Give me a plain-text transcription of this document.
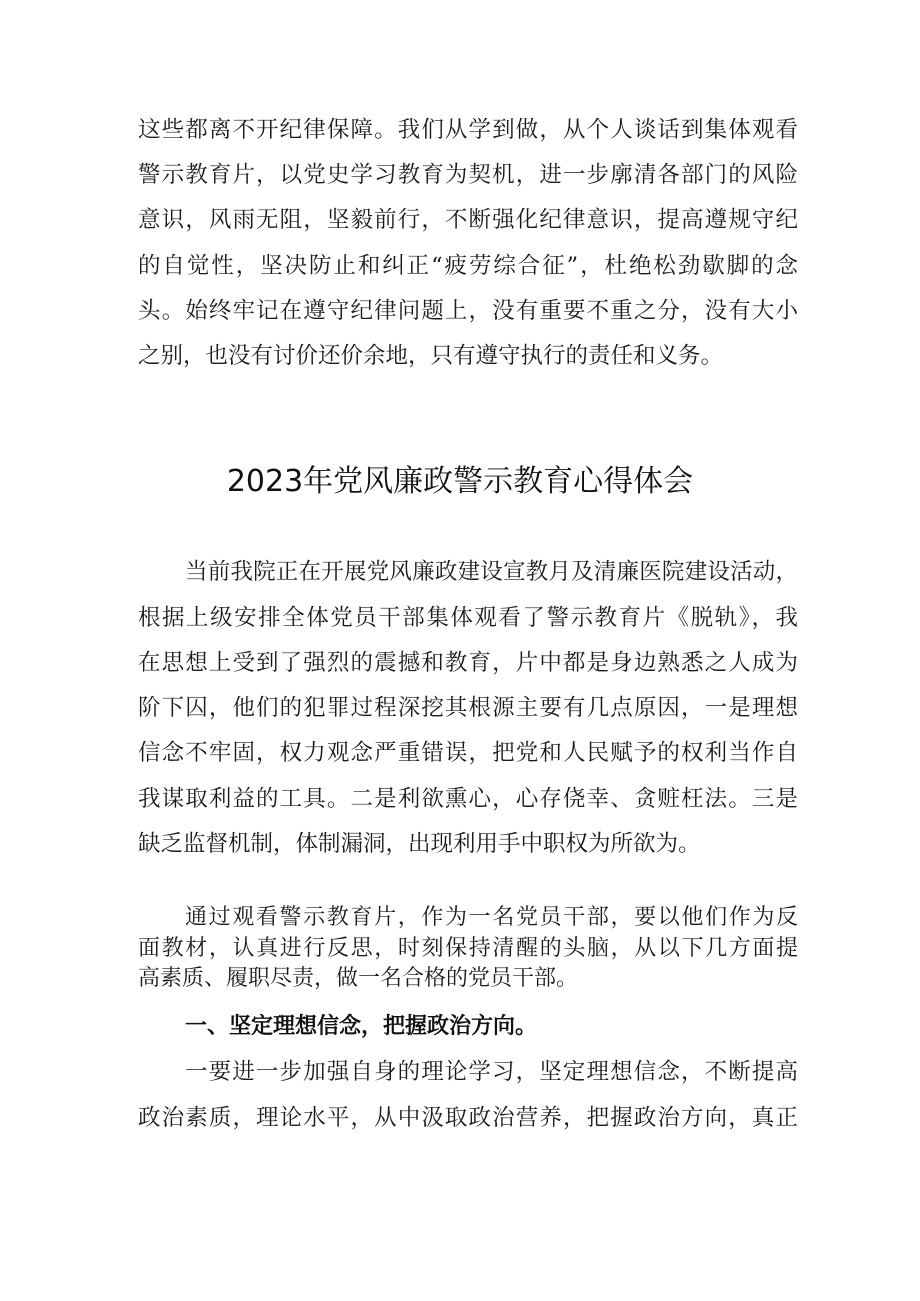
这些都离不开纪律保障。我们从学到做，从个人谈话到集体观看
警示教育片，以党史学习教育为契机，进一步廓清各部门的风险
意识，风雨无阻，坚毅前行，不断强化纪律意识，提高遵规守纪
的自觉性，坚决防止和纠正“疲劳综合征”，杜绝松劲歇脚的念
头。始终牢记在遵守纪律问题上，没有重要不重之分，没有大小
之别，也没有讨价还价余地，只有遵守执行的责任和义务。
2023年党风廉政警示教育心得体会
当前我院正在开展党风廉政建设宣教月及清廉医院建设活动，
根据上级安排全体党员干部集体观看了警示教育片《脱轨》，我
在思想上受到了强烈的震撼和教育，片中都是身边熟悉之人成为
阶下囚，他们的犯罪过程深挖其根源主要有几点原因，一是理想
信念不牢固，权力观念严重错误，把党和人民赋予的权利当作自
我谋取利益的工具。二是利欲熏心，心存侥幸、贪赃枉法。三是
缺乏监督机制，体制漏洞，出现利用手中职权为所欲为。
通过观看警示教育片，作为一名党员干部，要以他们作为反
面教材，认真进行反思，时刻保持清醒的头脑，从以下几方面提
高素质、履职尽责，做一名合格的党员干部。
一、坚定理想信念，把握政治方向。
一要进一步加强自身的理论学习，坚定理想信念，不断提高
政治素质，理论水平，从中汲取政治营养，把握政治方向，真正
